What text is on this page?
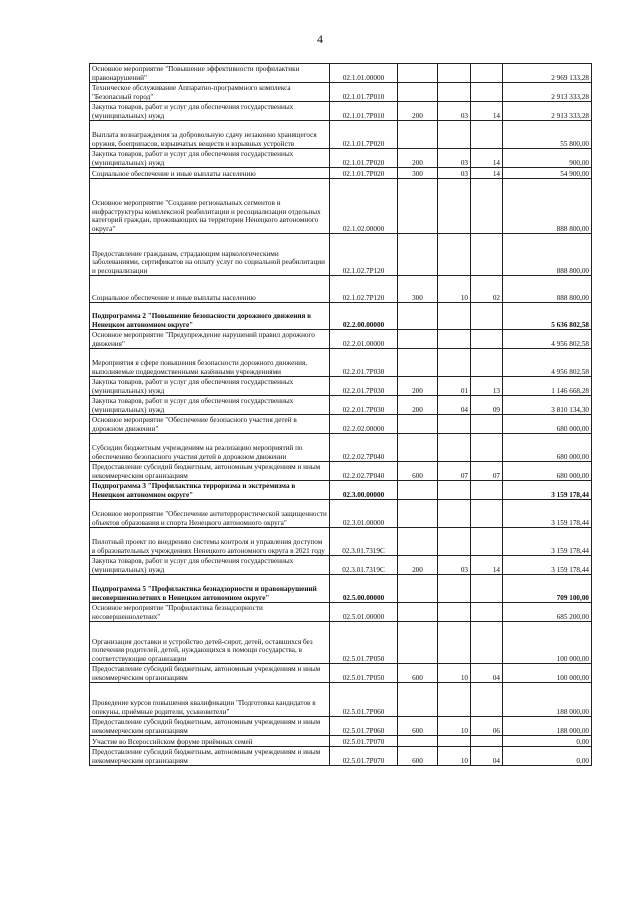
4
Основное мероприятие "Повышение эффективности профилактики правонарушений"	02.1.01.00000				2 969 133,28
Техническое обслуживание Аппаратно-программного комплекса "Безопасный город"	02.1.01.7Р010				2 913 333,28
Закупка товаров, работ и услуг для обеспечения государственных (муниципальных) нужд	02.1.01.7Р010	200	03	14	2 913 333,28
Выплата вознаграждения за добровольную сдачу незаконно хранящегося оружия, боеприпасов, взрывчатых веществ и взрывных устройств	02.1.01.7Р020				55 800,00
Закупка товаров, работ и услуг для обеспечения государственных (муниципальных) нужд	02.1.01.7Р020	200	03	14	900,00
Социальное обеспечение и иные выплаты населению	02.1.01.7Р020	300	03	14	54 900,00
Основное мероприятие "Создание региональных сегментов и инфраструктуры комплексной реабилитации и ресоциализации отдельных категорий граждан, проживающих на территории Ненецкого автономного округа"	02.1.02.00000				888 800,00
Предоставление гражданам, страдающим наркологическими заболеваниями, сертификатов на оплату услуг по социальной реабилитации и ресоциализации	02.1.02.7Р120				888 800,00
Социальное обеспечение и иные выплаты населению	02.1.02.7Р120	300	10	02	888 800,00
Подпрограмма 2 "Повышение безопасности дорожного движения в Ненецком автономном округе"	02.2.00.00000				5 636 802,58
Основное мероприятие "Предупреждение нарушений правил дорожного движения"	02.2.01.00000				4 956 802,58
Мероприятия в сфере повышения безопасности дорожного движения, выполняемые подведомственными казёнными учреждениями	02.2.01.7Р030				4 956 802,58
Закупка товаров, работ и услуг для обеспечения государственных (муниципальных) нужд	02.2.01.7Р030	200	01	13	1 146 668,28
Закупка товаров, работ и услуг для обеспечения государственных (муниципальных) нужд	02.2.01.7Р030	200	04	09	3 810 134,30
Основное мероприятие "Обеспечение безопасного участия детей в дорожном движении"	02.2.02.00000				680 000,00
Субсидии бюджетным учреждениям на реализацию мероприятий по обеспечению безопасного участия детей в дорожном движении	02.2.02.7Р040				680 000,00
Предоставление субсидий бюджетным, автономным учреждениям и иным некоммерческим организациям	02.2.02.7Р040	600	07	07	680 000,00
Подпрограмма 3 "Профилактика терроризма и экстремизма в Ненецком автономном округе"	02.3.00.00000				3 159 178,44
Основное мероприятие "Обеспечение антитеррористической защищенности объектов образования и спорта Ненецкого автономного округа"	02.3.01.00000				3 159 178,44
Пилотный проект по внедрению системы контроля и управления доступом в образовательных учреждениях Ненецкого автономного округа в 2021 году	02.3.01.7319С				3 159 178,44
Закупка товаров, работ и услуг для обеспечения государственных (муниципальных) нужд	02.3.01.7319С	200	03	14	3 159 178,44
Подпрограмма 5 "Профилактика безнадзорности и правонарушений несовершеннолетних в Ненецком автономном округе"	02.5.00.00000				709 100,00
Основное мероприятие "Профилактика безнадзорности несовершеннолетних"	02.5.01.00000				685 200,00
Организация доставки и устройство детей-сирот, детей, оставшихся без попечения родителей, детей, нуждающихся в помощи государства, в соответствующие организации	02.5.01.7Р050				100 000,00
Предоставление субсидий бюджетным, автономным учреждениям и иным некоммерческим организациям	02.5.01.7Р050	600	10	04	100 000,00
Проведение курсов повышения квалификации "Подготовка кандидатов в опекуны, приёмные родители, усыновители"	02.5.01.7Р060				188 000,00
Предоставление субсидий бюджетным, автономным учреждениям и иным некоммерческим организациям	02.5.01.7Р060	600	10	06	188 000,00
Участие во Всероссийском форуме приёмных семей	02.5.01.7Р070				0,00
Предоставление субсидий бюджетным, автономным учреждениям и иным некоммерческим организациям	02.5.01.7Р070	600	10	04	0,00
